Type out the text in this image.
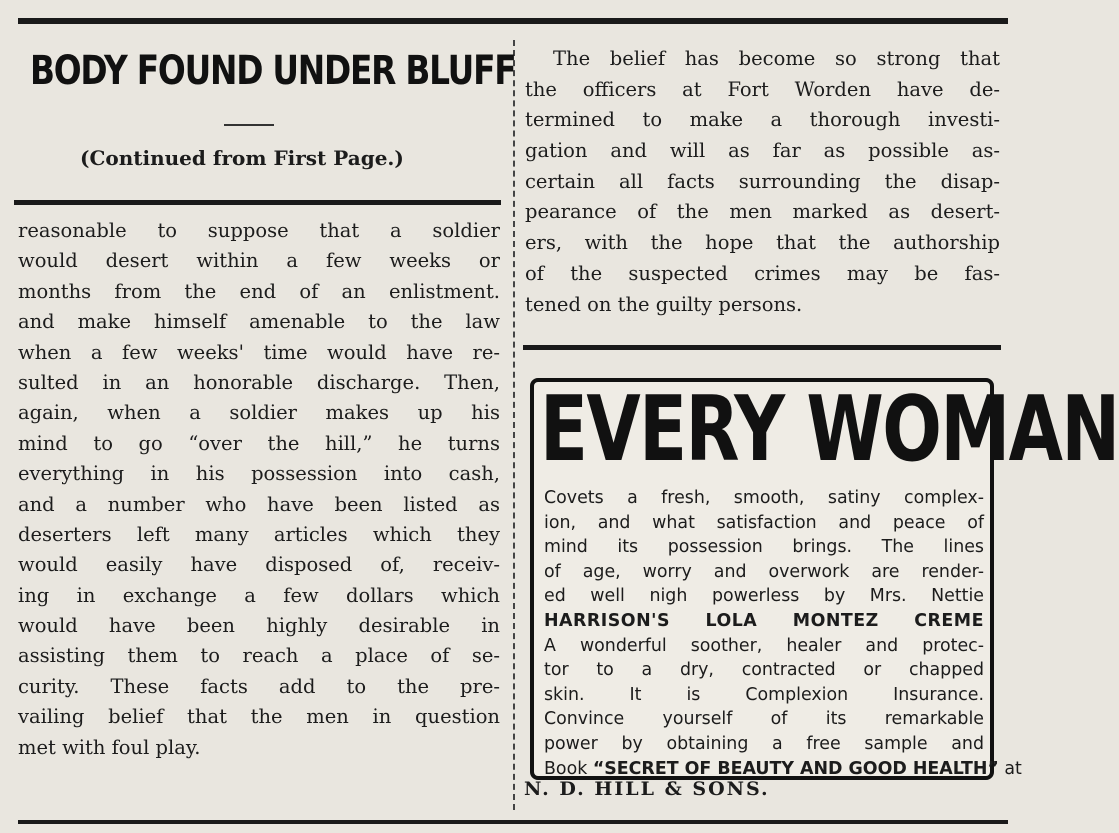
BODY FOUND UNDER BLUFF
(Continued from First Page.)
reasonable to suppose that a soldier
would desert within a few weeks or
months from the end of an enlistment.
and make himself amenable to the law
when a few weeks' time would have re-
sulted in an honorable discharge. Then,
again, when a soldier makes up his
mind to go “over the hill,” he turns
everything in his possession into cash,
and a number who have been listed as
deserters left many articles which they
would easily have disposed of, receiv-
ing in exchange a few dollars which
would have been highly desirable in
assisting them to reach a place of se-
curity. These facts add to the pre-
vailing belief that the men in question
met with foul play.
The belief has become so strong that
the officers at Fort Worden have de-
termined to make a thorough investi-
gation and will as far as possible as-
certain all facts surrounding the disap-
pearance of the men marked as desert-
ers, with the hope that the authorship
of the suspected crimes may be fas-
tened on the guilty persons.
EVERY WOMAN
Covets a fresh, smooth, satiny complex-
ion, and what satisfaction and peace of
mind its possession brings. The lines
of age, worry and overwork are render-
ed well nigh powerless by Mrs. Nettie
HARRISON'S LOLA MONTEZ CREME
A wonderful soother, healer and protec-
tor to a dry, contracted or chapped
skin. It is Complexion Insurance.
Convince yourself of its remarkable
power by obtaining a free sample and
Book “SECRET OF BEAUTY AND GOOD HEALTH” at
N. D. HILL & SONS.
